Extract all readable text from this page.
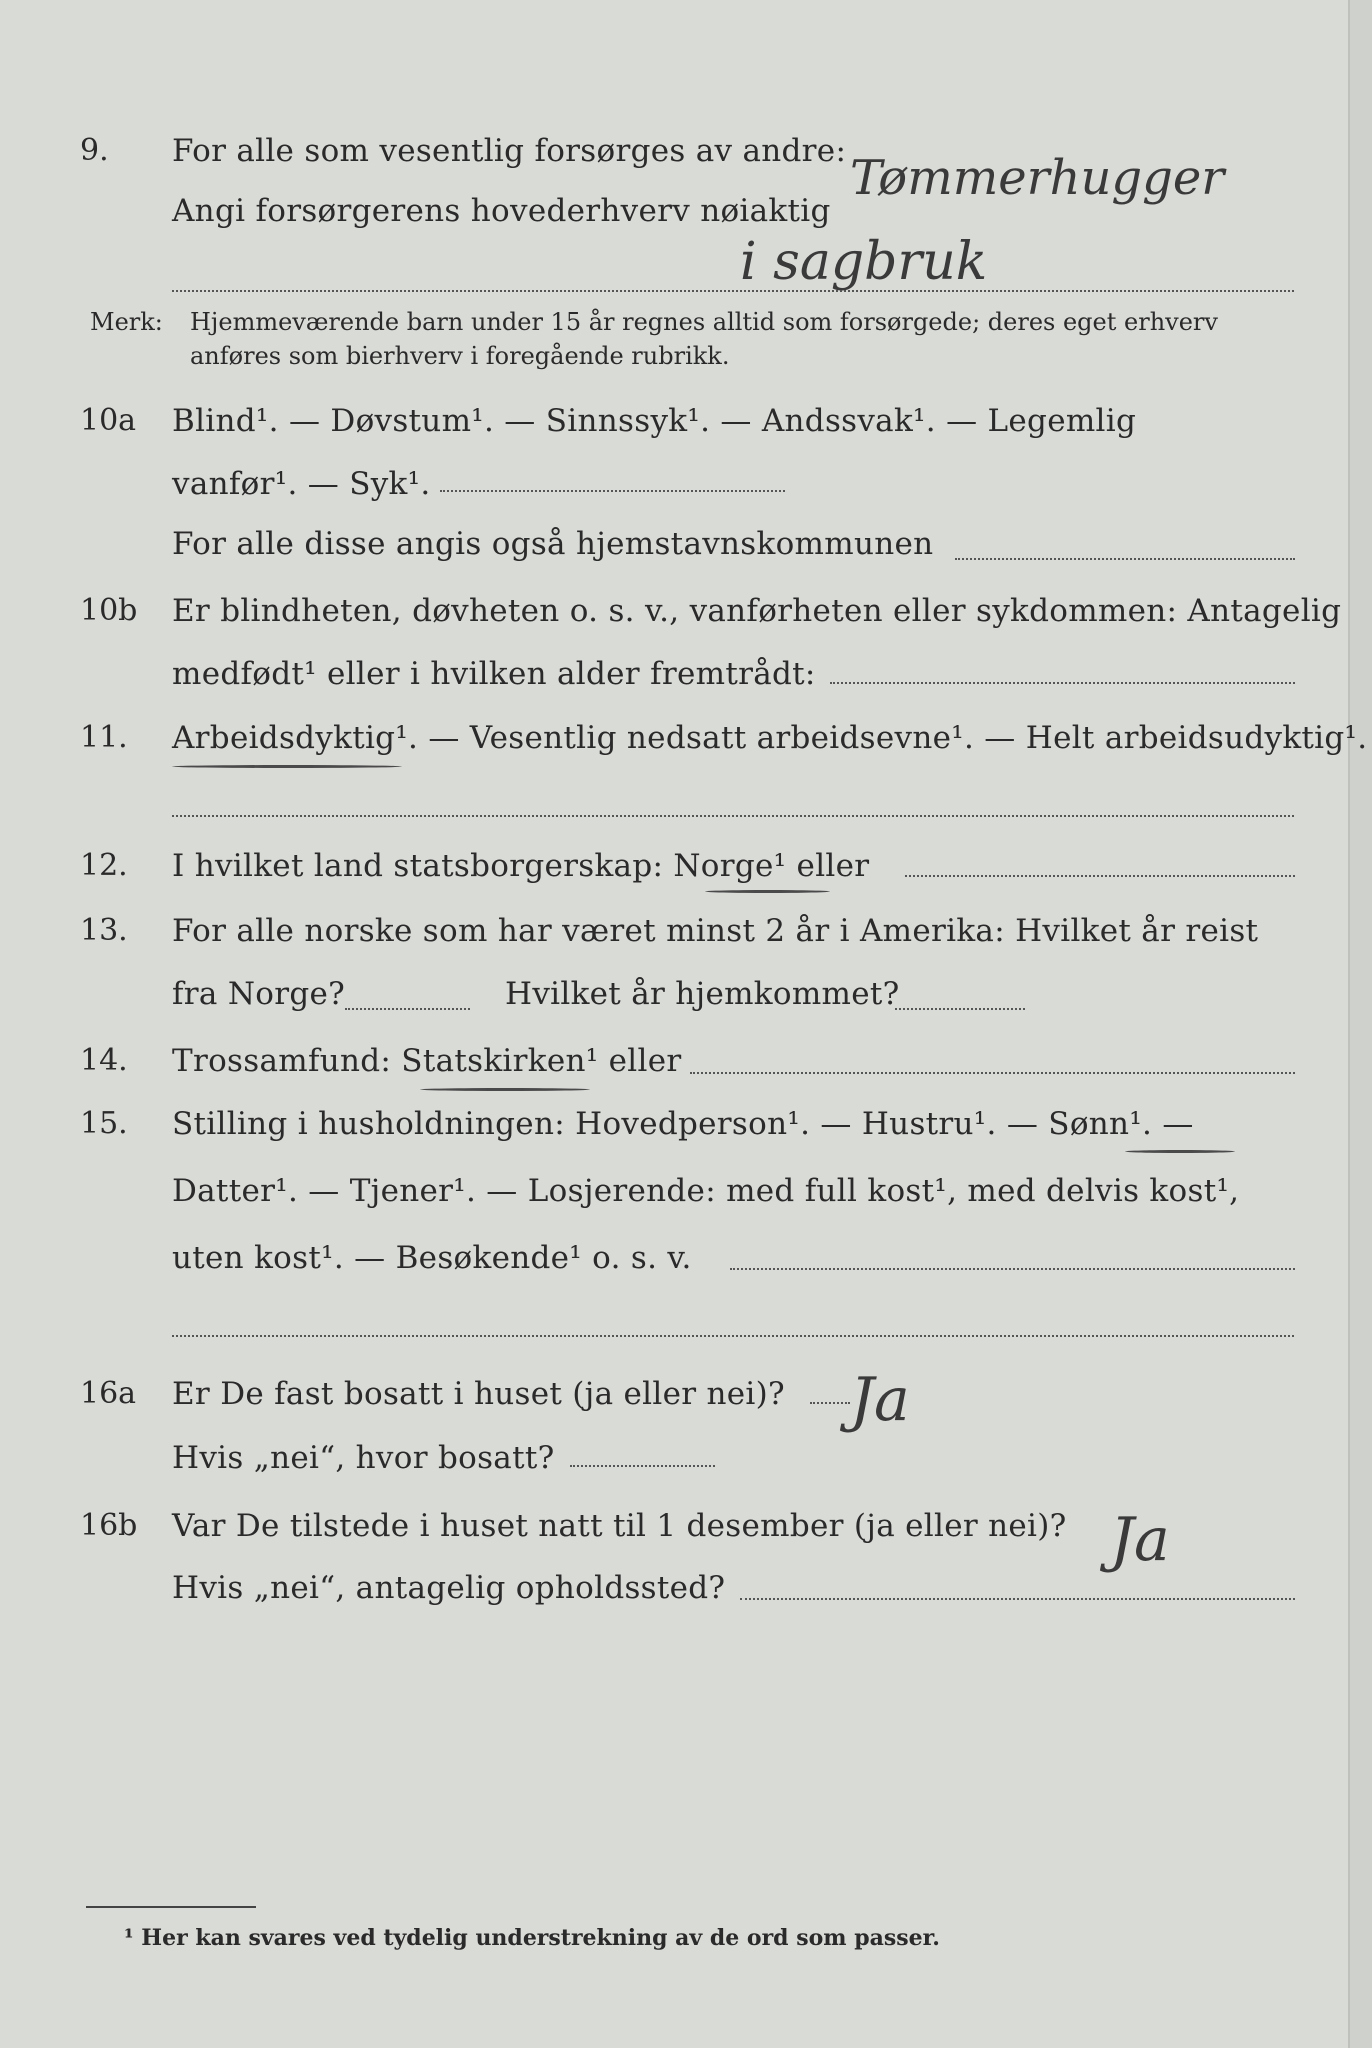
9. For alle som vesentlig forsørges av andre: Tømmerhugger
Angi forsørgerens hovederhverv nøiaktig
i sagbruk
Merk: Hjemmeværende barn under 15 år regnes alltid som forsørgede; deres eget erhverv
anføres som bierhverv i foregående rubrikk.
10a Blind¹. — Døvstum¹. — Sinnssyk¹. — Andssvak¹. — Legemlig
vanfør¹. — Syk¹.
For alle disse angis også hjemstavnskommunen
10b Er blindheten, døvheten o. s. v., vanførheten eller sykdommen: Antagelig
medfødt¹ eller i hvilken alder fremtrådt:
11. Arbeidsdyktig¹. — Vesentlig nedsatt arbeidsevne¹. — Helt arbeidsudyktig¹.
12. I hvilket land statsborgerskap: Norge¹ eller
13. For alle norske som har været minst 2 år i Amerika: Hvilket år reist
fra Norge?	Hvilket år hjemkommet?
14. Trossamfund: Statskirken¹ eller
15. Stilling i husholdningen: Hovedperson¹. — Hustru¹. — Sønn¹. —
Datter¹. — Tjener¹. — Losjerende: med full kost¹, med delvis kost¹,
uten kost¹. — Besøkende¹ o. s. v.
16a Er De fast bosatt i huset (ja eller nei)? Ja
Hvis „nei“, hvor bosatt?
16b Var De tilstede i huset natt til 1 desember (ja eller nei)? Ja
Hvis „nei“, antagelig opholdssted?
¹ Her kan svares ved tydelig understrekning av de ord som passer.
